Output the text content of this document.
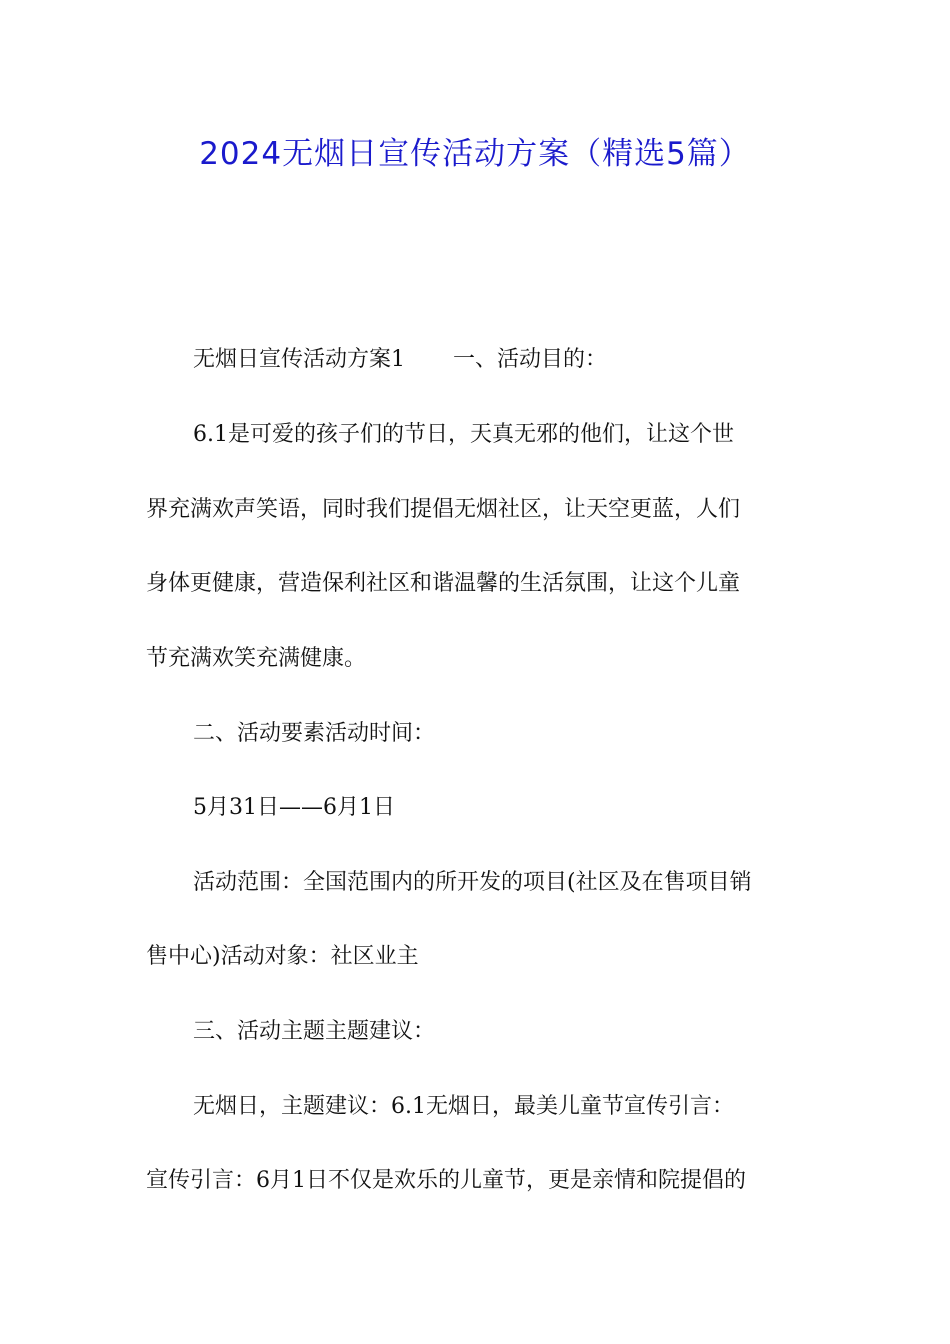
2024无烟日宣传活动方案（精选5篇）
无烟日宣传活动方案1 一、活动目的：
6.1是可爱的孩子们的节日，天真无邪的他们，让这个世
界充满欢声笑语，同时我们提倡无烟社区，让天空更蓝，人们
身体更健康，营造保利社区和谐温馨的生活氛围，让这个儿童
节充满欢笑充满健康。
二、活动要素活动时间：
5月31日——6月1日
活动范围：全国范围内的所开发的项目(社区及在售项目销
售中心)活动对象：社区业主
三、活动主题主题建议：
无烟日，主题建议：6.1无烟日，最美儿童节宣传引言：
宣传引言：6月1日不仅是欢乐的儿童节，更是亲情和院提倡的
